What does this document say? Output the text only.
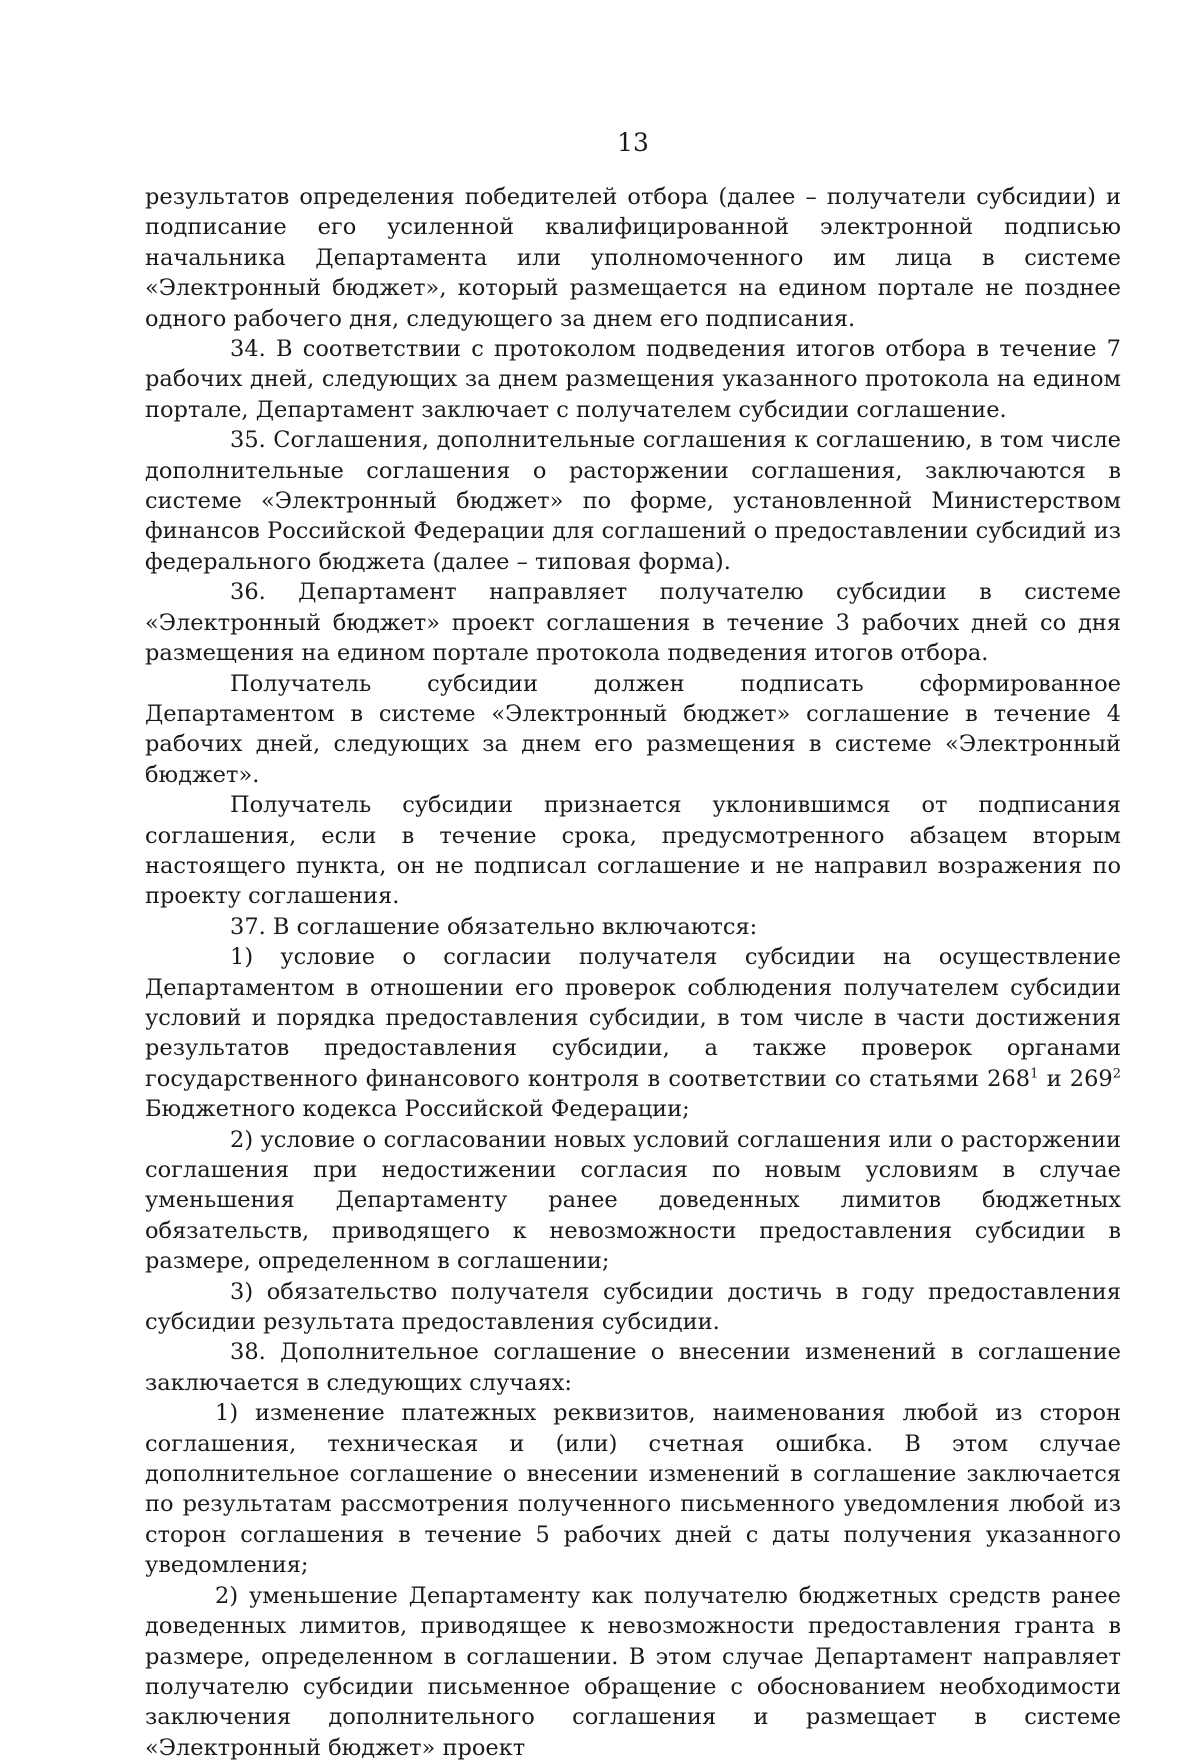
13

результатов определения победителей отбора (далее – получатели субсидии) и подписание его усиленной квалифицированной электронной подписью начальника Департамента или уполномоченного им лица в системе «Электронный бюджет», который размещается на едином портале не позднее одного рабочего дня, следующего за днем его подписания.

34. В соответствии с протоколом подведения итогов отбора в течение 7 рабочих дней, следующих за днем размещения указанного протокола на едином портале, Департамент заключает с получателем субсидии соглашение.

35. Соглашения, дополнительные соглашения к соглашению, в том числе дополнительные соглашения о расторжении соглашения, заключаются в системе «Электронный бюджет» по форме, установленной Министерством финансов Российской Федерации для соглашений о предоставлении субсидий из федерального бюджета (далее – типовая форма).

36. Департамент направляет получателю субсидии в системе «Электронный бюджет» проект соглашения в течение 3 рабочих дней со дня размещения на едином портале протокола подведения итогов отбора.

Получатель субсидии должен подписать сформированное Департаментом в системе «Электронный бюджет» соглашение в течение 4 рабочих дней, следующих за днем его размещения в системе «Электронный бюджет».

Получатель субсидии признается уклонившимся от подписания соглашения, если в течение срока, предусмотренного абзацем вторым настоящего пункта, он не подписал соглашение и не направил возражения по проекту соглашения.

37. В соглашение обязательно включаются:

1) условие о согласии получателя субсидии на осуществление Департаментом в отношении его проверок соблюдения получателем субсидии условий и порядка предоставления субсидии, в том числе в части достижения результатов предоставления субсидии, а также проверок органами государственного финансового контроля в соответствии со статьями $268^1$ и $269^2$ Бюджетного кодекса Российской Федерации;

2) условие о согласовании новых условий соглашения или о расторжении соглашения при недостижении согласия по новым условиям в случае уменьшения Департаменту ранее доведенных лимитов бюджетных обязательств, приводящего к невозможности предоставления субсидии в размере, определенном в соглашении;

3) обязательство получателя субсидии достичь в году предоставления субсидии результата предоставления субсидии.

38. Дополнительное соглашение о внесении изменений в соглашение заключается в следующих случаях:

1) изменение платежных реквизитов, наименования любой из сторон соглашения, техническая и (или) счетная ошибка. В этом случае дополнительное соглашение о внесении изменений в соглашение заключается по результатам рассмотрения полученного письменного уведомления любой из сторон соглашения в течение 5 рабочих дней с даты получения указанного уведомления;

2) уменьшение Департаменту как получателю бюджетных средств ранее доведенных лимитов, приводящее к невозможности предоставления гранта в размере, определенном в соглашении. В этом случае Департамент направляет получателю субсидии письменное обращение с обоснованием необходимости заключения дополнительного соглашения и размещает в системе «Электронный бюджет» проект
